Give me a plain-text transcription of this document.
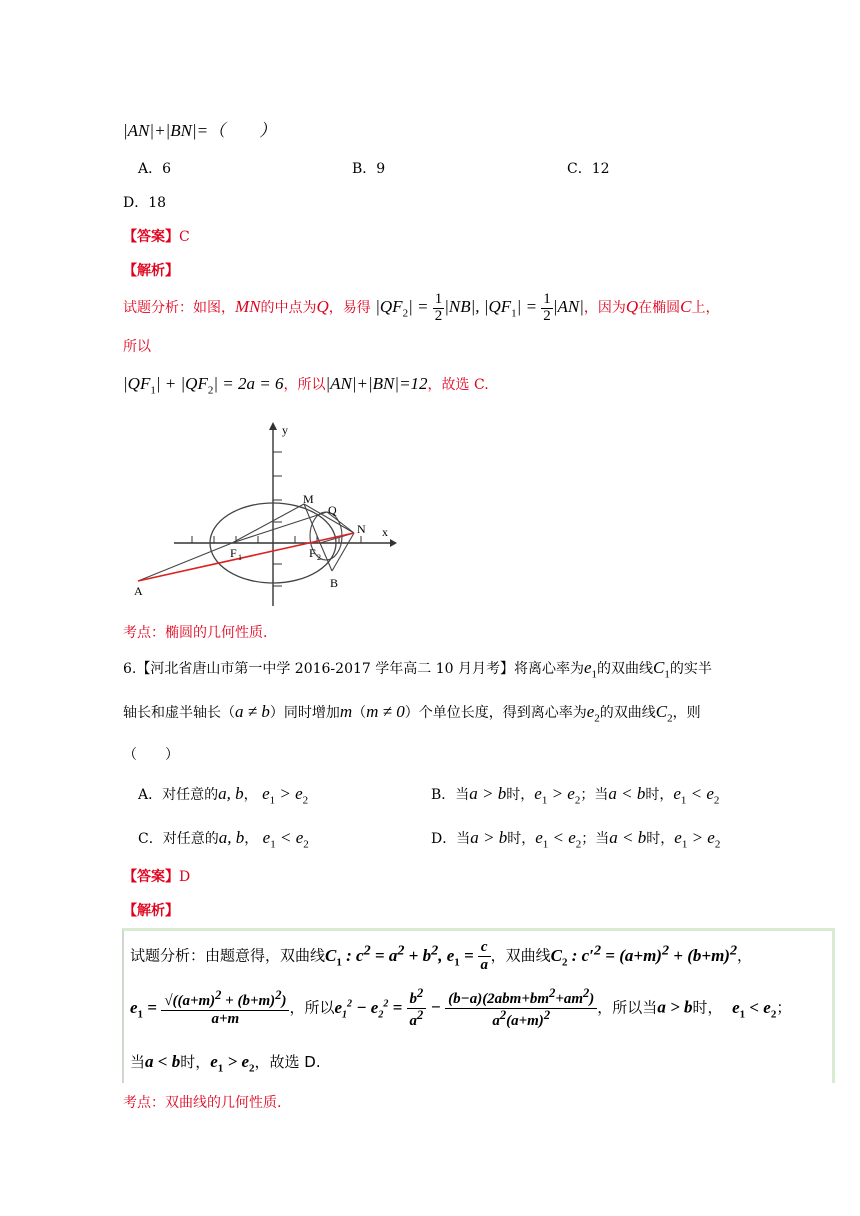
|AN|+|BN|=（　　）
A．6	B．9	C．12
D．18
【答案】C
【解析】
试题分析：如图，MN的中点为Q，易得 $|QF_2| = \frac{1}{2} |NB|$, $|QF_1| = \frac{1}{2} |AN|$，因为Q在椭圆C上，
所以
$|QF_1| + |QF_2| = 2a = 6$，所以|AN|+|BN|=12，故选 C.
y
x
M
Q
N
F 1	F 2
A
B
考点：椭圆的几何性质.
6.【河北省唐山市第一中学 2016-2017 学年高二 10 月月考】将离心率为$e_1$的双曲线$C_1$的实半
轴长和虚半轴长（a ≠ b）同时增加m（m ≠ 0）个单位长度，得到离心率为$e_2$的双曲线$C_2$，则
（　　）
A．对任意的a, b， $e_1 > e_2$	B．当a > b时，$e_1 > e_2$；当a < b时，$e_1 < e_2$
C．对任意的a, b， $e_1 < e_2$	D．当a > b时，$e_1 < e_2$；当a < b时，$e_1 > e_2$
【答案】D
【解析】
试题分析：由题意得，双曲线$C_1$ : $c^2 = a^2 + b^2$, $e_1 = \frac{c}{a}$ ，双曲线$C_2$ : $c'^2 = (a+m)^2 + (b+m)^2$，
$e_1 = \frac{√((a+m)^2 + (b+m)^2)}{a+m}$ ，所以$e_1^2 - e_2^2 = \frac{b^2}{a^2} - (b-a)(2abm+bm^2+am^2)$
$a^2(a+m)^2$	，所以当a > b时， $e_1 < e_2$；
当a < b时，$e_1 > e_2$，故选 D.
考点：双曲线的几何性质.
